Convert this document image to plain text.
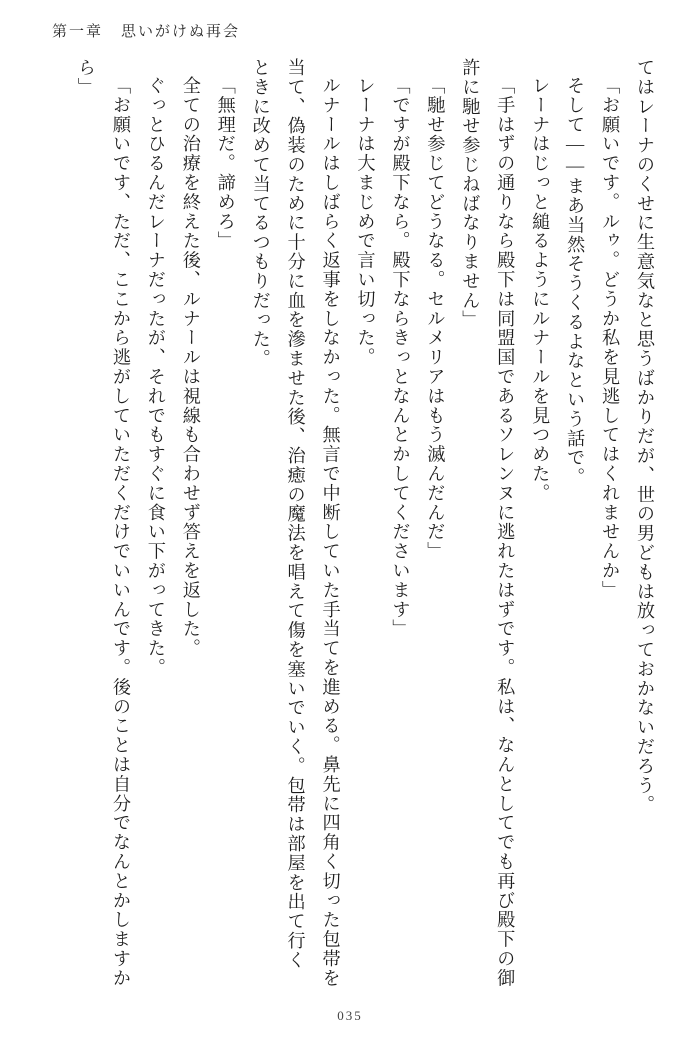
第一章 思いがけぬ再会

てはレーナのくせに生意気なと思うばかりだが、世の男どもは放っておかないだろう。

「お願いです。ルゥ。どうか私を見逃してはくれませんか」

そして――まあ当然そうくるよなという話で。

レーナはじっと縋るようにルナールを見つめた。

「手はずの通りなら殿下は同盟国であるソレンヌに逃れたはずです。私は、なんとしてでも再び殿下の御許に馳せ参じねばなりません」

「馳せ参じてどうなる。セルメリアはもう滅んだんだ」

「ですが殿下なら。殿下ならきっとなんとかしてくださいます」

レーナは大まじめで言い切った。

ルナールはしばらく返事をしなかった。無言で中断していた手当てを進める。鼻先に四角く切った包帯を当て、偽装のために十分に血を滲ませた後、治癒の魔法を唱えて傷を塞いでいく。包帯は部屋を出て行くときに改めて当てるつもりだった。

「無理だ。諦めろ」

全ての治療を終えた後、ルナールは視線も合わせず答えを返した。

ぐっとひるんだレーナだったが、それでもすぐに食い下がってきた。

「お願いです、ただ、ここから逃がしていただくだけでいいんです。後のことは自分でなんとかしますから」

035
